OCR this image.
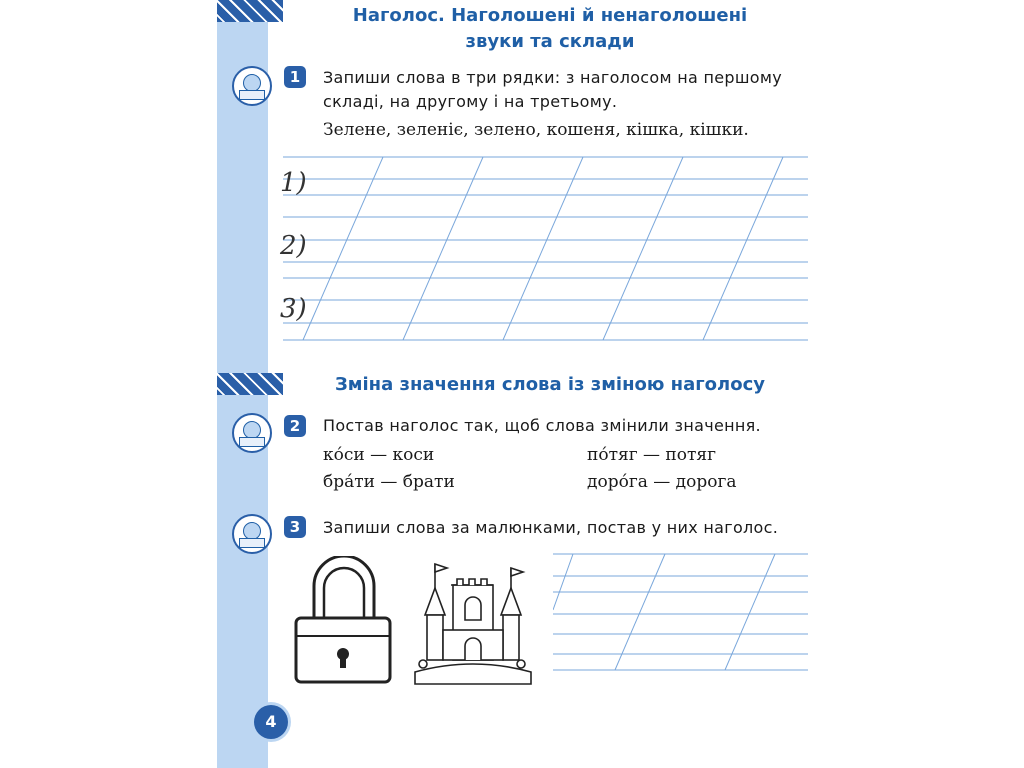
Наголос. Наголошені й ненаголошені
звуки та склади
1	Запиши слова в три рядки: з наголосом на першому
складі, на другому і на третьому.
Зелене, зеленіє, зелено, кошеня, кішка, кішки.
1)
2)
3)
Зміна значення слова із зміною наголосу
2	Постав наголос так, щоб слова змінили значення.
ко́си — коси	по́тяг — потяг
бра́ти — брати	доро́га — дорога
3	Запиши слова за малюнками, постав у них наголос.
4
